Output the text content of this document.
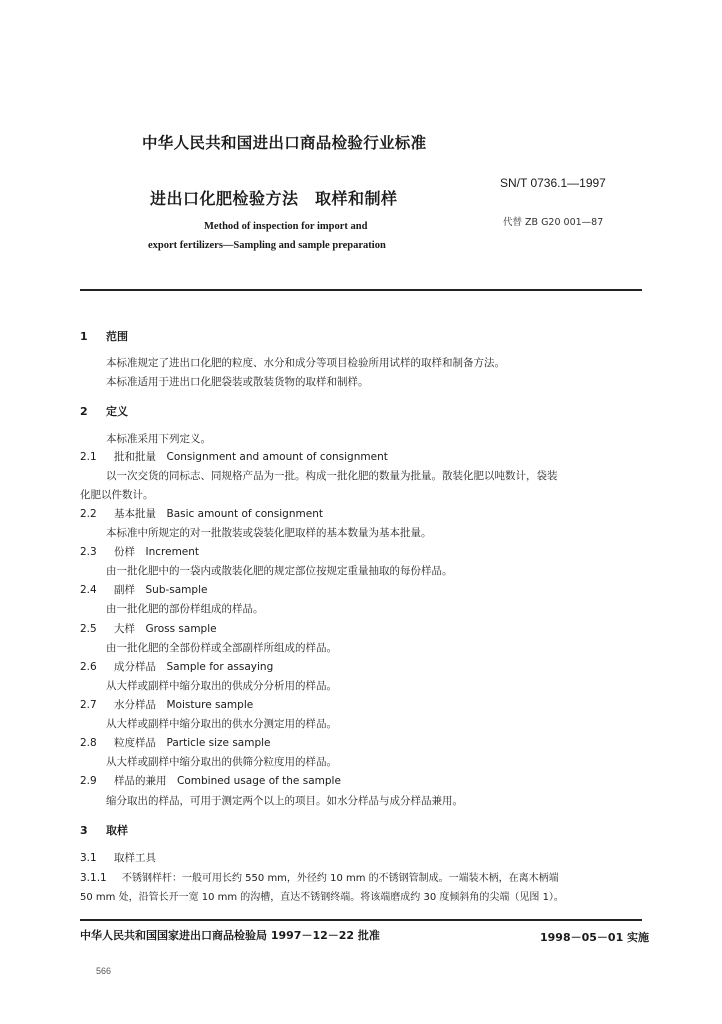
中华人民共和国进出口商品检验行业标准
进出口化肥检验方法　取样和制样
SN/T 0736.1—1997
代替 ZB G20 001—87
Method of inspection for import and
export fertilizers—Sampling and sample preparation
1 范围
本标准规定了进出口化肥的粒度、水分和成分等项目检验所用试样的取样和制备方法。
本标准适用于进出口化肥袋装或散装货物的取样和制样。
2 定义
本标准采用下列定义。
2.1 批和批量　Consignment and amount of consignment
以一次交货的同标志、同规格产品为一批。构成一批化肥的数量为批量。散装化肥以吨数计，袋装
化肥以件数计。
2.2 基本批量　Basic amount of consignment
本标准中所规定的对一批散装或袋装化肥取样的基本数量为基本批量。
2.3 份样　Increment
由一批化肥中的一袋内或散装化肥的规定部位按规定重量抽取的每份样品。
2.4 副样　Sub-sample
由一批化肥的部份样组成的样品。
2.5 大样　Gross sample
由一批化肥的全部份样或全部副样所组成的样品。
2.6 成分样品　Sample for assaying
从大样或副样中缩分取出的供成分分析用的样品。
2.7 水分样品　Moisture sample
从大样或副样中缩分取出的供水分测定用的样品。
2.8 粒度样品　Particle size sample
从大样或副样中缩分取出的供筛分粒度用的样品。
2.9 样品的兼用　Combined usage of the sample
缩分取出的样品，可用于测定两个以上的项目。如水分样品与成分样品兼用。
3 取样
3.1 取样工具
3.1.1 不锈钢样杆：一般可用长约 550 mm，外径约 10 mm 的不锈钢管制成。一端装木柄，在离木柄端
50 mm 处，沿管长开一宽 10 mm 的沟槽，直达不锈钢终端。将该端磨成约 30 度倾斜角的尖端（见图 1）。
中华人民共和国国家进出口商品检验局 1997－12－22 批准	1998－05－01 实施
566
